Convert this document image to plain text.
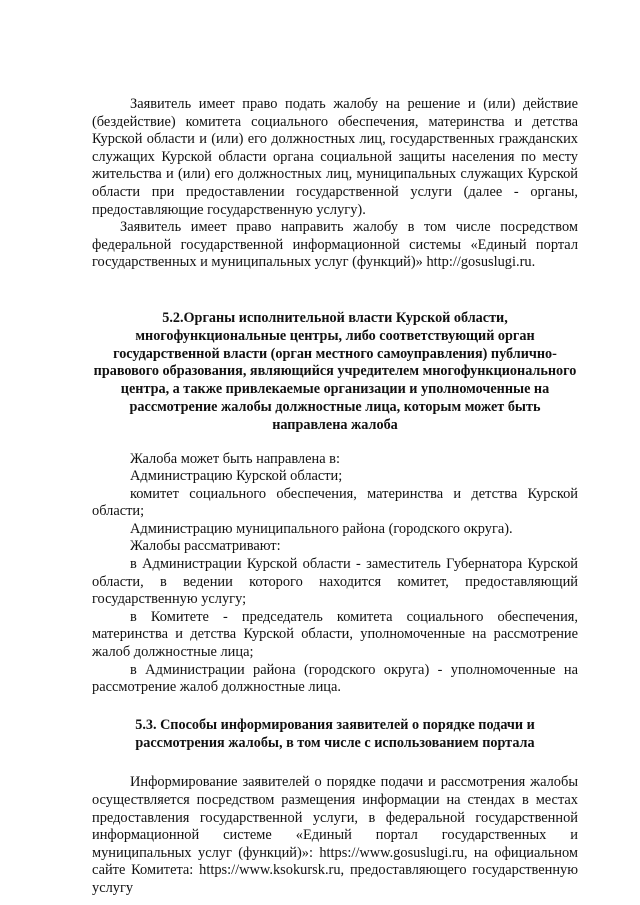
Заявитель имеет право подать жалобу на решение и (или) действие (бездействие) комитета социального обеспечения, материнства и детства Курской области и (или) его должностных лиц, государственных гражданских служащих Курской области органа социальной защиты населения по месту жительства и (или) его должностных лиц, муниципальных служащих Курской области при предоставлении государственной услуги (далее - органы, предоставляющие государственную услугу).

Заявитель имеет право направить жалобу в том числе посредством федеральной государственной информационной системы «Единый портал государственных и муниципальных услуг (функций)» http://gosuslugi.ru.

5.2.Органы исполнительной власти Курской области, многофункциональные центры, либо соответствующий орган государственной власти (орган местного самоуправления) публично-правового образования, являющийся учредителем многофункционального центра, а также привлекаемые организации и уполномоченные на рассмотрение жалобы должностные лица, которым может быть направлена жалоба

Жалоба может быть направлена в:

Администрацию Курской области;

комитет социального обеспечения, материнства и детства Курской области;

Администрацию муниципального района (городского округа).

Жалобы рассматривают:

в Администрации Курской области - заместитель Губернатора Курской области, в ведении которого находится комитет, предоставляющий государственную услугу;

в Комитете - председатель комитета социального обеспечения, материнства и детства Курской области, уполномоченные на рассмотрение жалоб должностные лица;

в Администрации района (городского округа) - уполномоченные на рассмотрение жалоб должностные лица.

5.3. Способы информирования заявителей о порядке подачи и рассмотрения жалобы, в том числе с использованием портала

Информирование заявителей о порядке подачи и рассмотрения жалобы осуществляется посредством размещения информации на стендах в местах предоставления государственной услуги, в федеральной государственной информационной системе «Единый портал государственных и муниципальных услуг (функций)»: https://www.gosuslugi.ru, на официальном сайте Комитета: https://www.ksokursk.ru, предоставляющего государственную услугу
